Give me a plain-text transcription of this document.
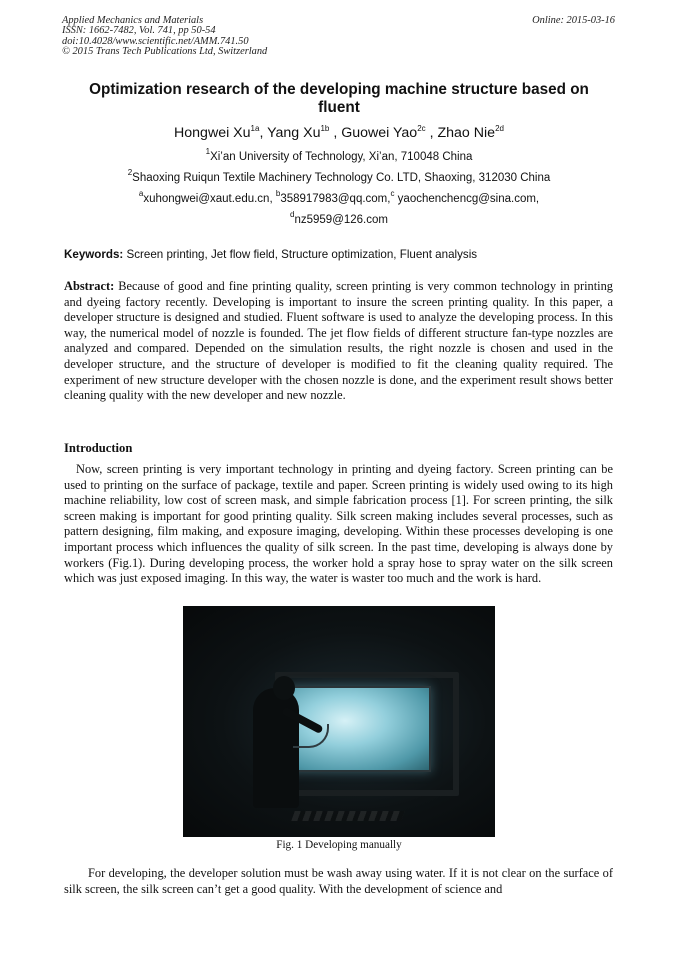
Applied Mechanics and Materials
ISSN: 1662-7482, Vol. 741, pp 50-54
doi:10.4028/www.scientific.net/AMM.741.50
© 2015 Trans Tech Publications Ltd, Switzerland
Online: 2015-03-16
Optimization research of the developing machine structure based on
fluent
Hongwei $Xu^{1a}$, Yang $Xu^{1b}$ , Guowei Yao$^{2c}$ , Zhao Nie$^{2d}$
$^1$Xi’an University of Technology, Xi’an, 710048 China
$^2$Shaoxing Ruiqun Textile Machinery Technology Co. LTD, Shaoxing, 312030 China
$^a$xuhongwei@xaut.edu.cn, $^b$358917983@qq.com,$^c$ yaochenchencg@sina.com,
$^d$nz5959@126.com
Keywords: Screen printing, Jet flow field, Structure optimization, Fluent analysis
Abstract: Because of good and fine printing quality, screen printing is very common technology in printing and dyeing factory recently. Developing is important to insure the screen printing quality. In this paper, a developer structure is designed and studied. Fluent software is used to analyze the developing process. In this way, the numerical model of nozzle is founded. The jet flow fields of different structure fan-type nozzles are analyzed and compared. Depended on the simulation results, the right nozzle is chosen and used in the developer structure, and the structure of developer is modified to fit the cleaning quality required. The experiment of new structure developer with the chosen nozzle is done, and the experiment result shows better cleaning quality with the new developer and new nozzle.
Introduction
Now, screen printing is very important technology in printing and dyeing factory. Screen printing can be used to printing on the surface of package, textile and paper. Screen printing is widely used owing to its high machine reliability, low cost of screen mask, and simple fabrication process [1]. For screen printing, the silk screen making is important for good printing quality. Silk screen making includes several processes, such as pattern designing, film making, and exposure imaging, developing. Within these processes developing is one important process which influences the quality of silk screen. In the past time, developing is always done by workers (Fig.1). During developing process, the worker hold a spray hose to spray water on the silk screen which was just exposed imaging. In this way, the water is waster too much and the work is hard.
Fig. 1 Developing manually
For developing, the developer solution must be wash away using water. If it is not clear on the surface of silk screen, the silk screen can’t get a good quality. With the development of science and
